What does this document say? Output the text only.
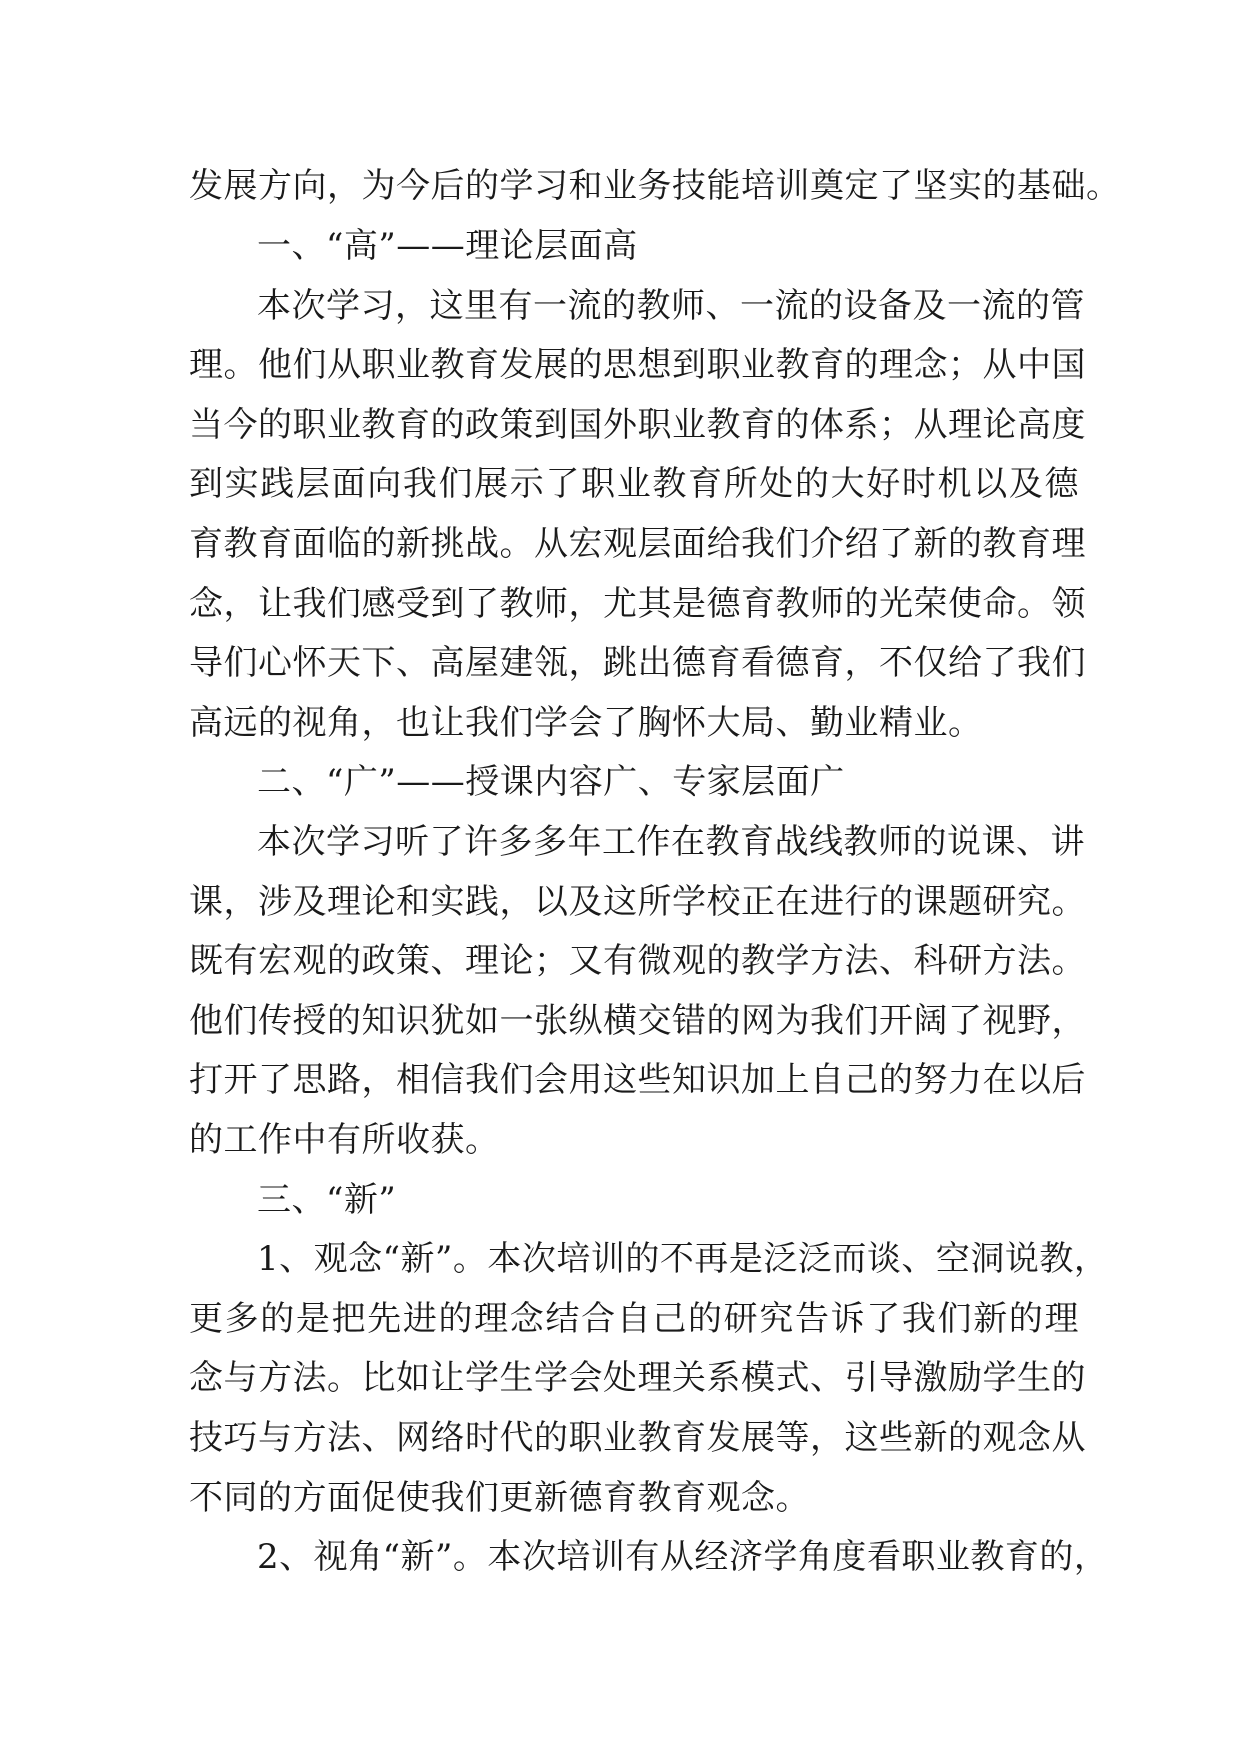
发展方向，为今后的学习和业务技能培训奠定了坚实的基础。
一、“高”——理论层面高
本次学习，这里有一流的教师、一流的设备及一流的管
理。他们从职业教育发展的思想到职业教育的理念；从中国
当今的职业教育的政策到国外职业教育的体系；从理论高度
到实践层面向我们展示了职业教育所处的大好时机以及德
育教育面临的新挑战。从宏观层面给我们介绍了新的教育理
念，让我们感受到了教师，尤其是德育教师的光荣使命。领
导们心怀天下、高屋建瓴，跳出德育看德育，不仅给了我们
高远的视角，也让我们学会了胸怀大局、勤业精业。
二、“广”——授课内容广、专家层面广
本次学习听了许多多年工作在教育战线教师的说课、讲
课，涉及理论和实践，以及这所学校正在进行的课题研究。
既有宏观的政策、理论；又有微观的教学方法、科研方法。
他们传授的知识犹如一张纵横交错的网为我们开阔了视野，
打开了思路，相信我们会用这些知识加上自己的努力在以后
的工作中有所收获。
三、“新”
1、观念“新”。本次培训的不再是泛泛而谈、空洞说教，
更多的是把先进的理念结合自己的研究告诉了我们新的理
念与方法。比如让学生学会处理关系模式、引导激励学生的
技巧与方法、网络时代的职业教育发展等，这些新的观念从
不同的方面促使我们更新德育教育观念。
2、视角“新”。本次培训有从经济学角度看职业教育的，
